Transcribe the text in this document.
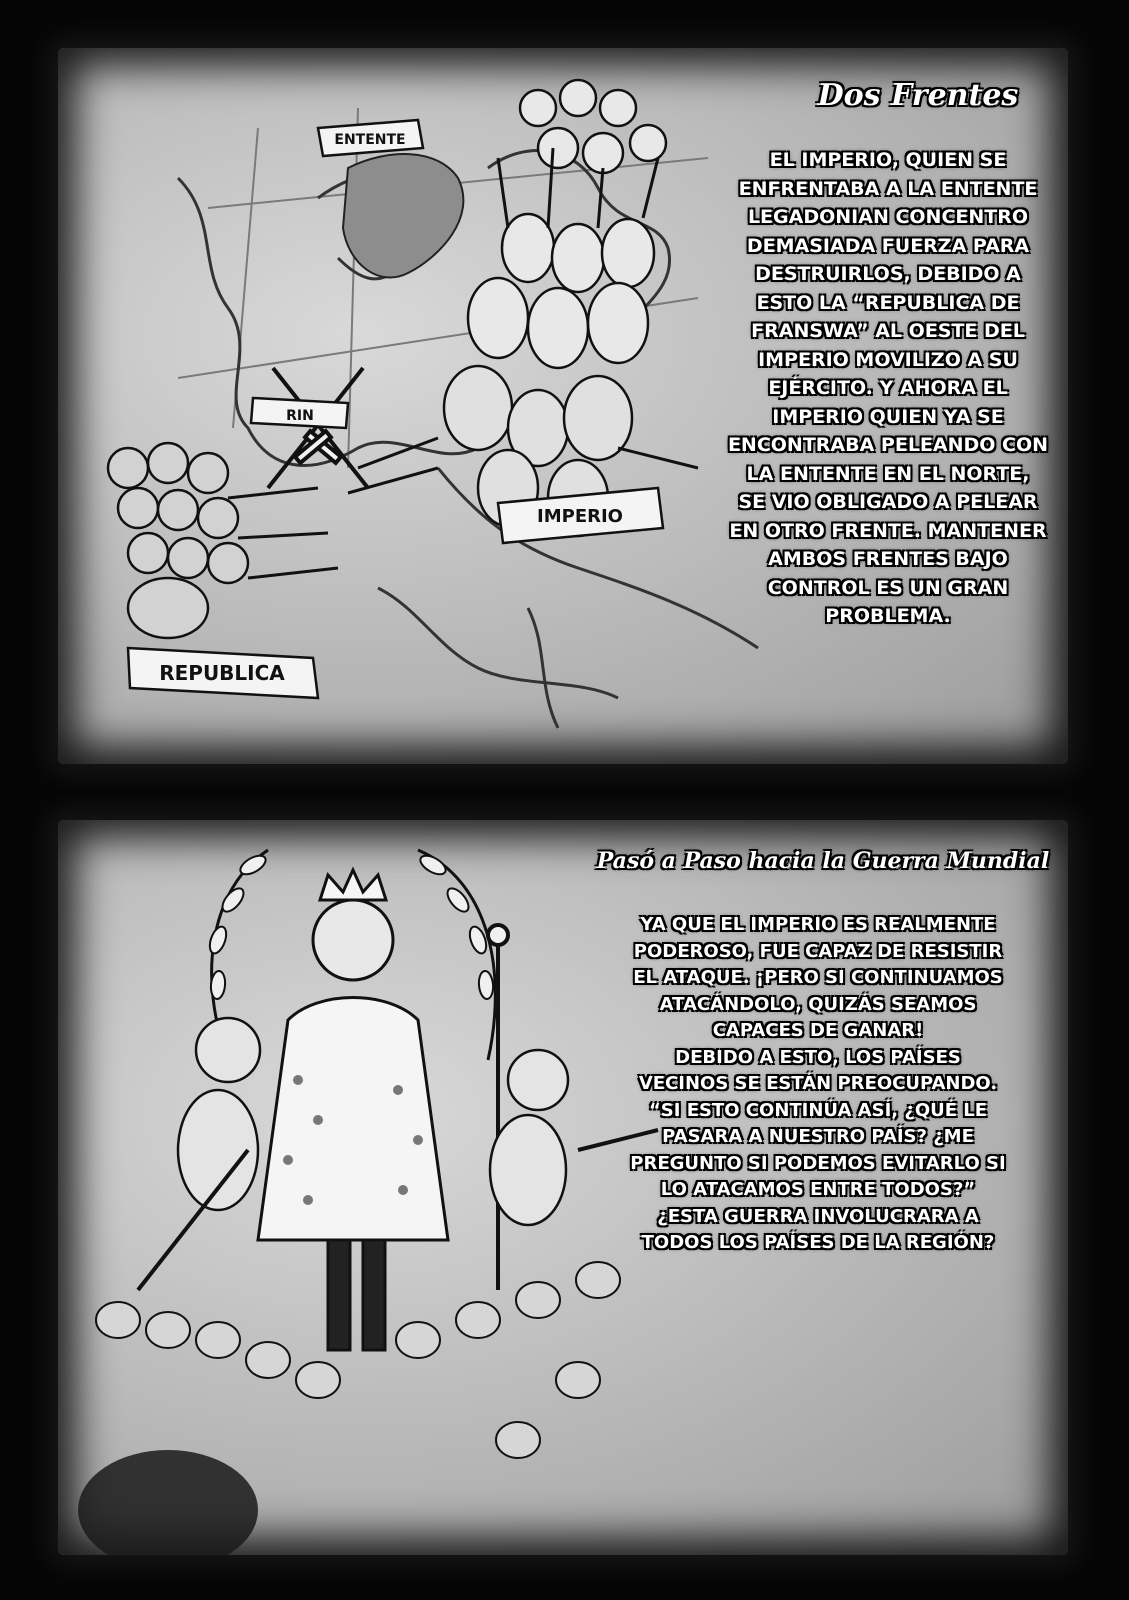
ENTENTE
RIN
IMPERIO
REPUBLICA
Dos Frentes

EL IMPERIO, QUIEN SE
ENFRENTABA A LA ENTENTE
LEGADONIAN CONCENTRO
DEMASIADA FUERZA PARA
DESTRUIRLOS, DEBIDO A
ESTO LA “REPUBLICA DE
FRANSWA” AL OESTE DEL
IMPERIO MOVILIZO A SU
EJÉRCITO. Y AHORA EL
IMPERIO QUIEN YA SE
ENCONTRABA PELEANDO CON
LA ENTENTE EN EL NORTE,
SE VIO OBLIGADO A PELEAR
EN OTRO FRENTE. MANTENER
AMBOS FRENTES BAJO
CONTROL ES UN GRAN
PROBLEMA.

Pasó a Paso hacia la Guerra Mundial

YA QUE EL IMPERIO ES REALMENTE
PODEROSO, FUE CAPAZ DE RESISTIR
EL ATAQUE. ¡PERO SI CONTINUAMOS
ATACÁNDOLO, QUIZÁS SEAMOS
CAPACES DE GANAR!
DEBIDO A ESTO, LOS PAÍSES
VECINOS SE ESTÁN PREOCUPANDO.
“SI ESTO CONTINÚA ASÍ, ¿QUÉ LE
PASARA A NUESTRO PAÍS? ¿ME
PREGUNTO SI PODEMOS EVITARLO SI
LO ATACAMOS ENTRE TODOS?”
¿ESTA GUERRA INVOLUCRARA A
TODOS LOS PAÍSES DE LA REGIÓN?
